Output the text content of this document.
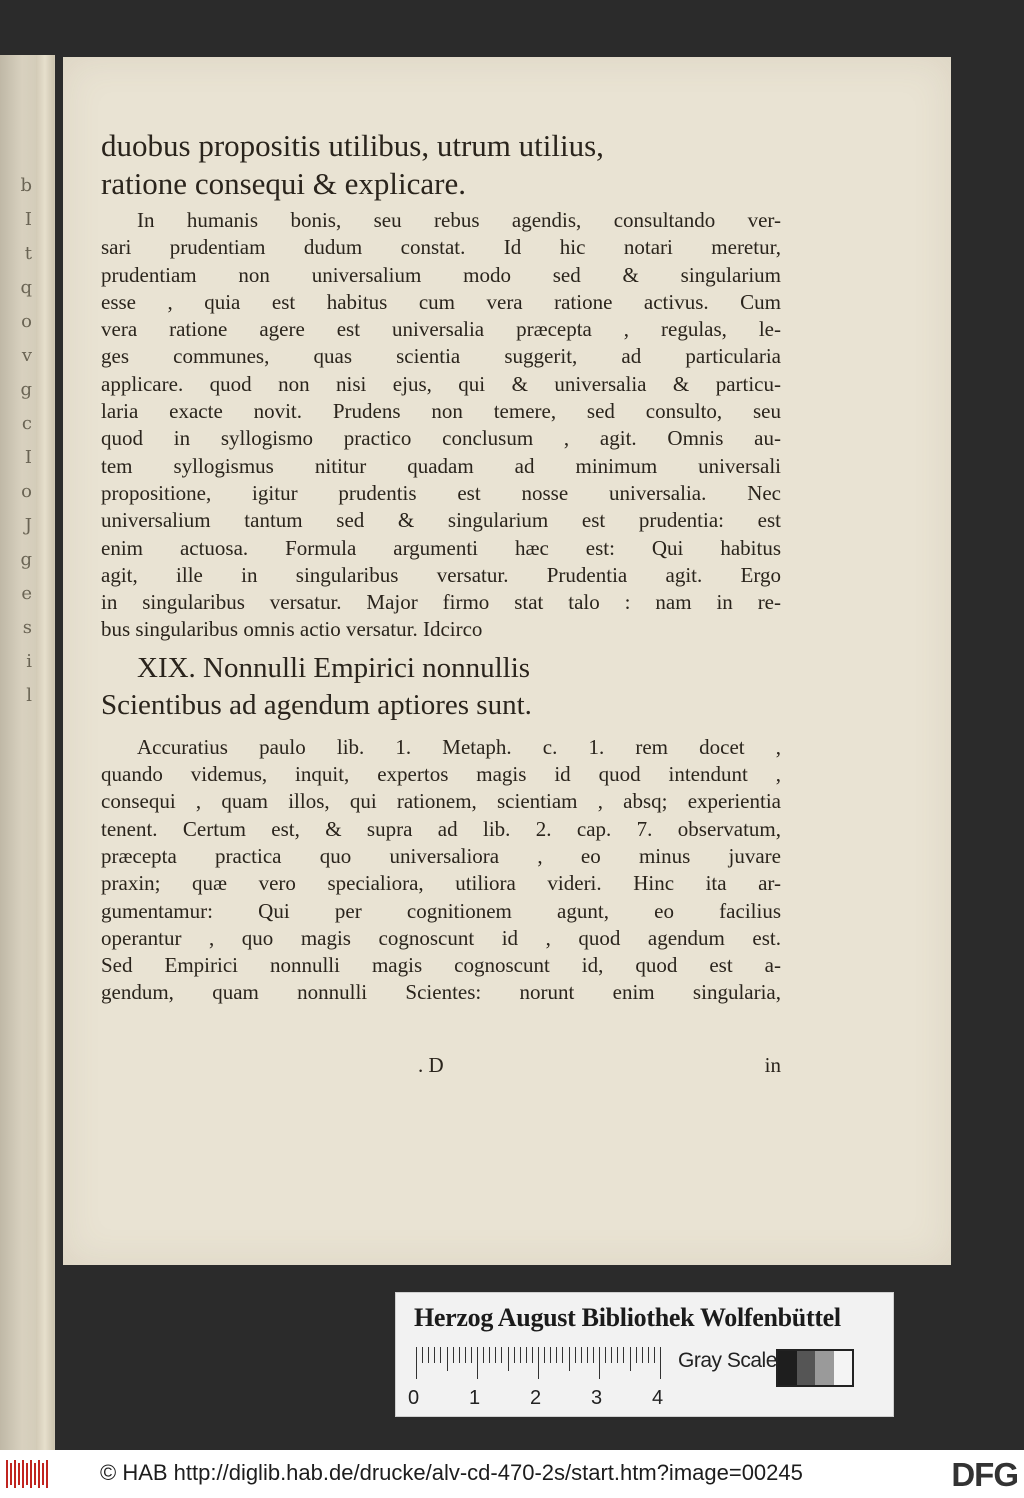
b
I
t
q
o
v
g
c
I
o
J
g
e
s
i
l
duobus propositis utilibus, utrum utilius,
ratione consequi & explicare.
In humanis bonis, seu rebus agendis, consultando ver-
sari prudentiam dudum constat. Id hic notari meretur,
prudentiam non universalium modo sed & singularium
esse , quia est habitus cum vera ratione activus. Cum
vera ratione agere est universalia præcepta , regulas, le-
ges communes, quas scientia suggerit, ad particularia
applicare. quod non nisi ejus, qui & universalia & particu-
laria exacte novit. Prudens non temere, sed consulto, seu
quod in syllogismo practico conclusum , agit. Omnis au-
tem syllogismus nititur quadam ad minimum universali
propositione, igitur prudentis est nosse universalia. Nec
universalium tantum sed & singularium est prudentia: est
enim actuosa. Formula argumenti hæc est: Qui habitus
agit, ille in singularibus versatur. Prudentia agit. Ergo
in singularibus versatur. Major firmo stat talo : nam in re-
bus singularibus omnis actio versatur. Idcirco
XIX. Nonnulli Empirici nonnullis
Scientibus ad agendum aptiores sunt.
Accuratius paulo lib. 1. Metaph. c. 1. rem docet ,
quando videmus, inquit, expertos magis id quod intendunt ,
consequi , quam illos, qui rationem, scientiam , absq; experientia
tenent. Certum est, & supra ad lib. 2. cap. 7. observatum,
præcepta practica quo universaliora , eo minus juvare
praxin; quæ vero specialiora, utiliora videri. Hinc ita ar-
gumentamur: Qui per cognitionem agunt, eo facilius
operantur , quo magis cognoscunt id , quod agendum est.
Sed Empirici nonnulli magis cognoscunt id, quod est a-
gendum, quam nonnulli Scientes: norunt enim singularia,
. D	in
Herzog August Bibliothek Wolfenbüttel
0 1 2 3 4
Gray Scale
© HAB http://diglib.hab.de/drucke/alv-cd-470-2s/start.htm?image=00245	DFG
